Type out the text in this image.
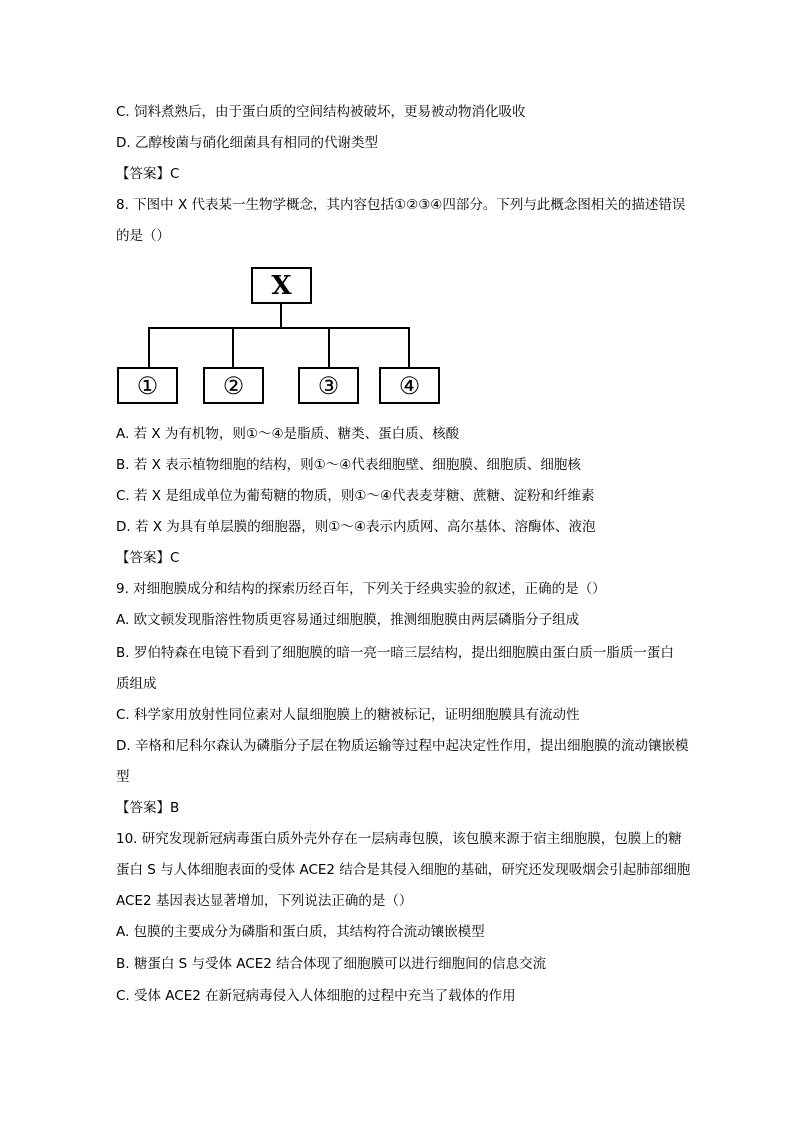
C. 饲料煮熟后，由于蛋白质的空间结构被破坏，更易被动物消化吸收
D. 乙醇梭菌与硝化细菌具有相同的代谢类型
【答案】C
8. 下图中 X 代表某一生物学概念，其内容包括①②③④四部分。下列与此概念图相关的描述错误
的是（）
X
①	②	③	④
A. 若 X 为有机物，则①～④是脂质、糖类、蛋白质、核酸
B. 若 X 表示植物细胞的结构，则①～④代表细胞壁、细胞膜、细胞质、细胞核
C. 若 X 是组成单位为葡萄糖的物质，则①～④代表麦芽糖、蔗糖、淀粉和纤维素
D. 若 X 为具有单层膜的细胞器，则①～④表示内质网、高尔基体、溶酶体、液泡
【答案】C
9. 对细胞膜成分和结构的探索历经百年，下列关于经典实验的叙述，正确的是（）
A. 欧文顿发现脂溶性物质更容易通过细胞膜，推测细胞膜由两层磷脂分子组成
B. 罗伯特森在电镜下看到了细胞膜的暗一亮一暗三层结构，提出细胞膜由蛋白质一脂质一蛋白
质组成
C. 科学家用放射性同位素对人鼠细胞膜上的糖被标记，证明细胞膜具有流动性
D. 辛格和尼科尔森认为磷脂分子层在物质运输等过程中起决定性作用，提出细胞膜的流动镶嵌模
型
【答案】B
10. 研究发现新冠病毒蛋白质外壳外存在一层病毒包膜，该包膜来源于宿主细胞膜，包膜上的糖
蛋白 S 与人体细胞表面的受体 ACE2 结合是其侵入细胞的基础，研究还发现吸烟会引起肺部细胞
ACE2 基因表达显著增加，下列说法正确的是（）
A. 包膜的主要成分为磷脂和蛋白质，其结构符合流动镶嵌模型
B. 糖蛋白 S 与受体 ACE2 结合体现了细胞膜可以进行细胞间的信息交流
C. 受体 ACE2 在新冠病毒侵入人体细胞的过程中充当了载体的作用
